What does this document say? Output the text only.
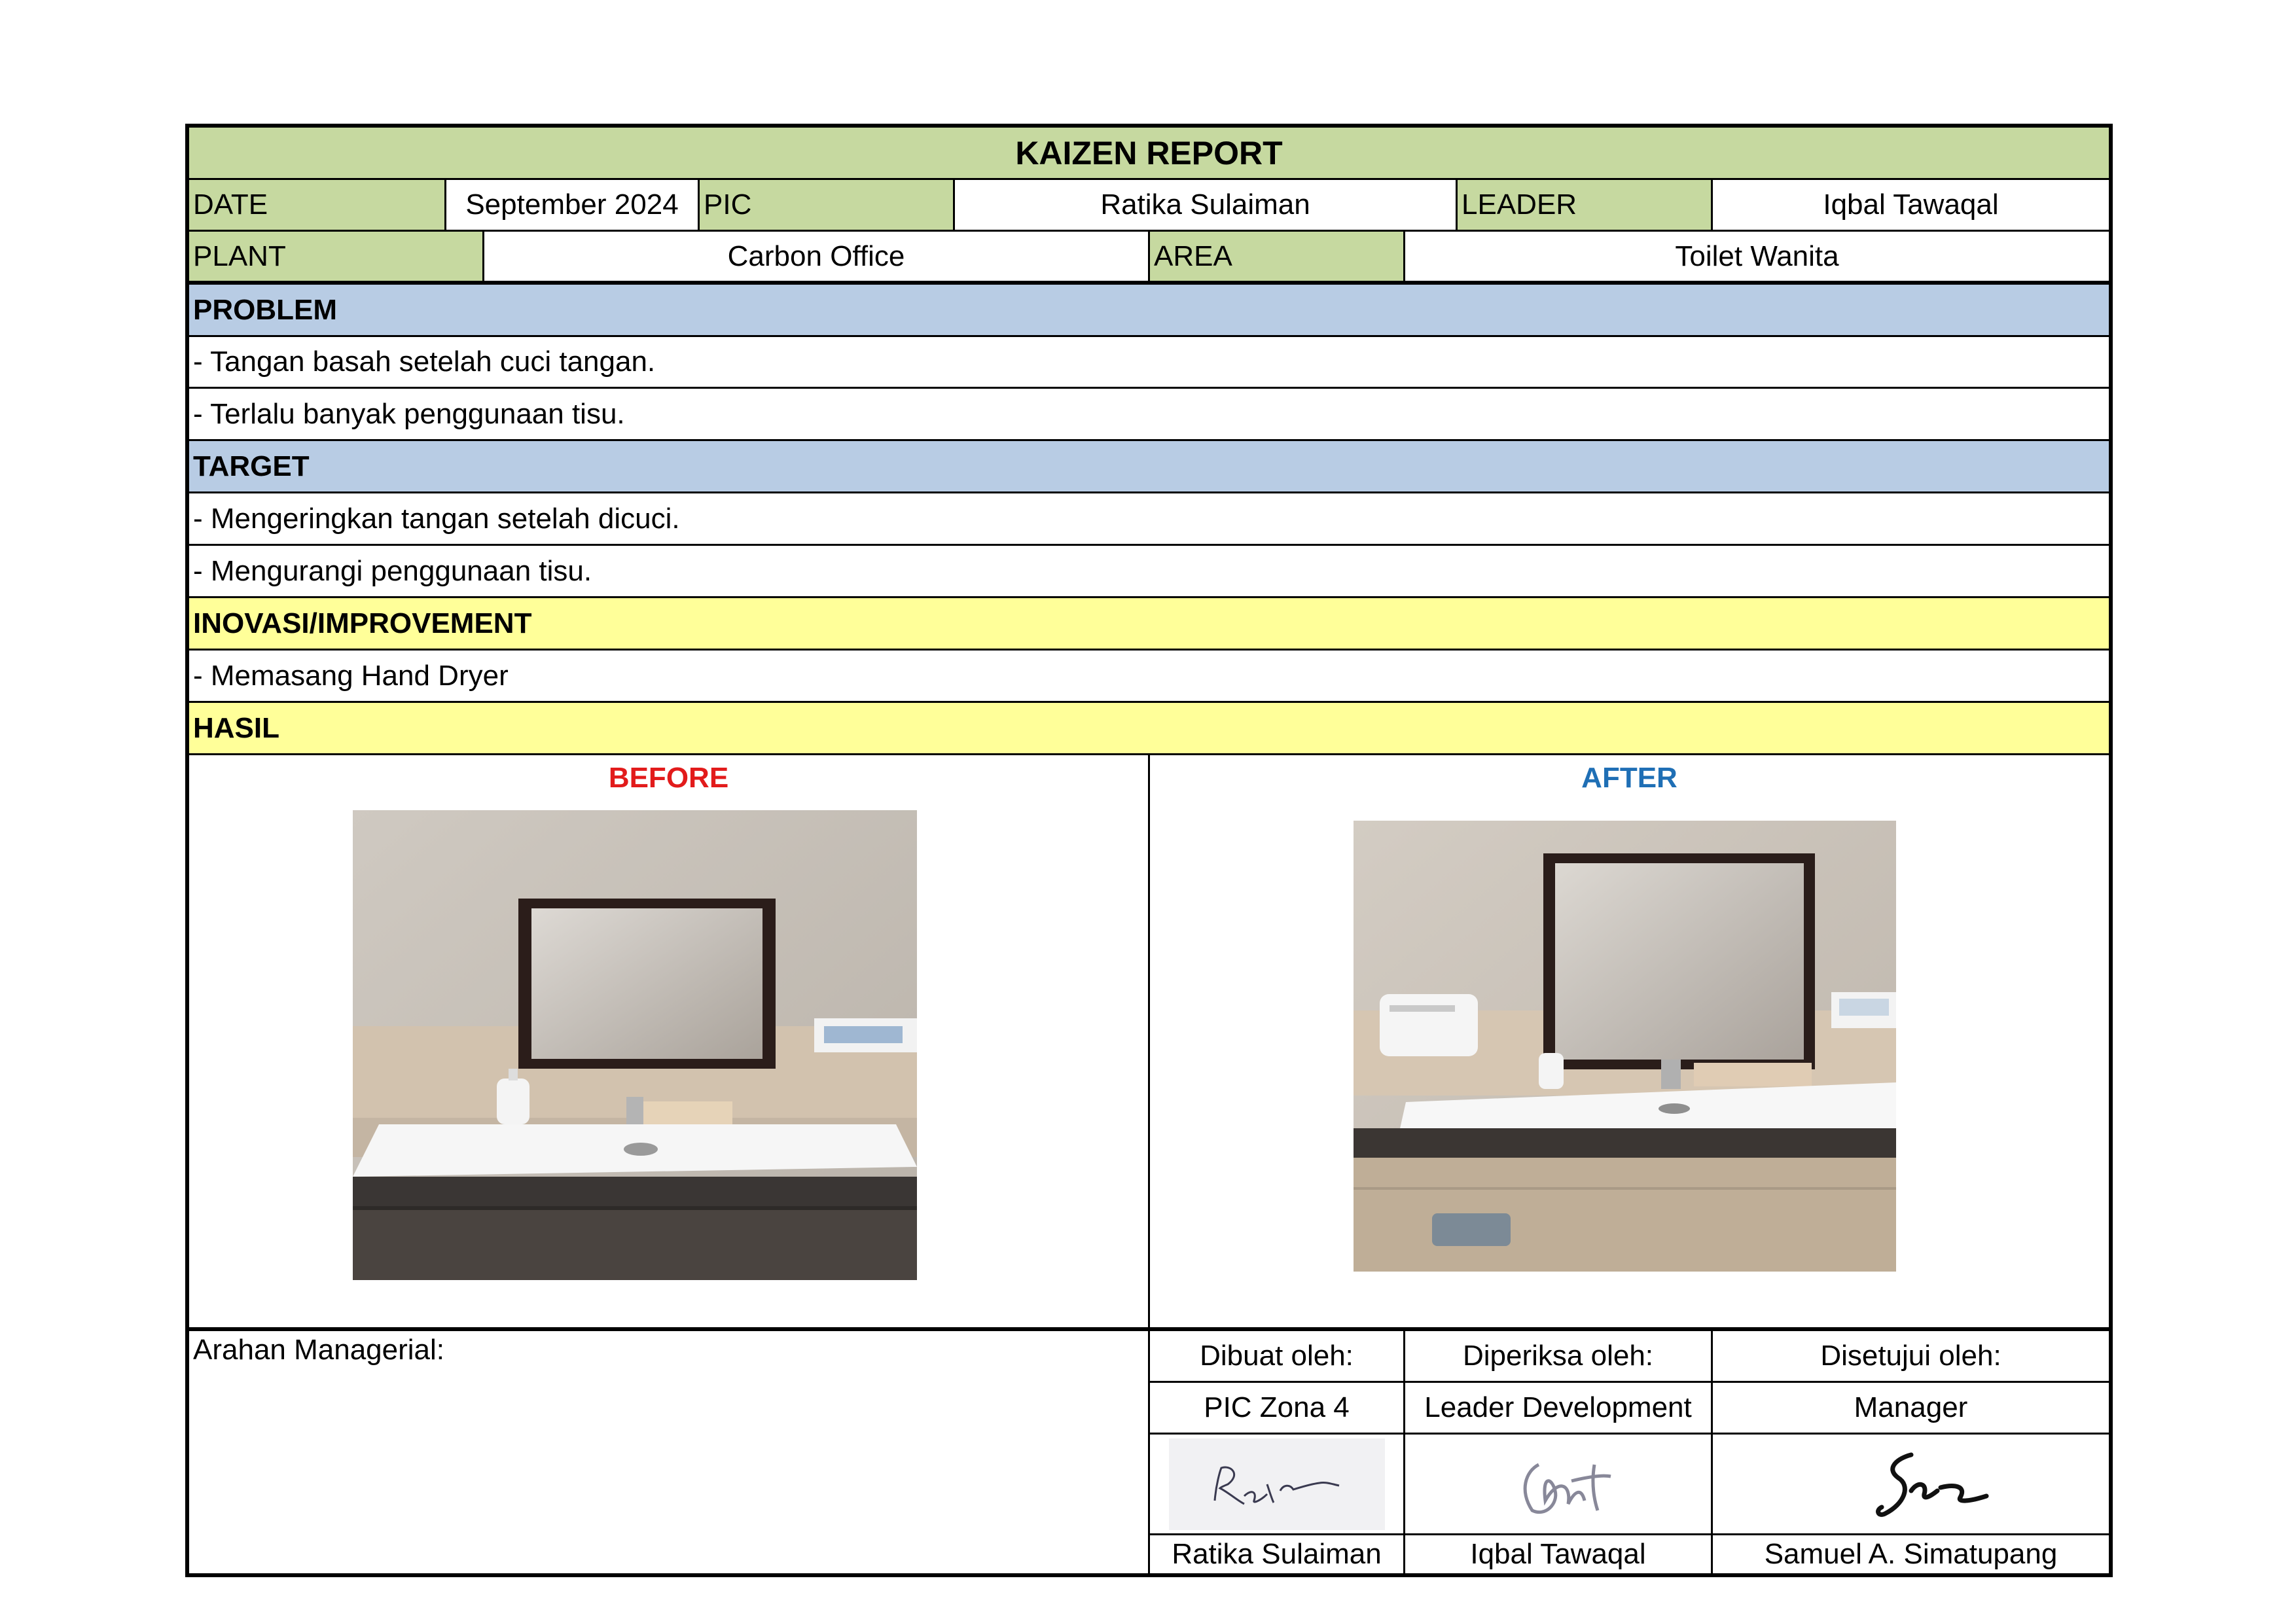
KAIZEN REPORT
DATE	September 2024 PIC	Ratika Sulaiman	LEADER	Iqbal Tawaqal
PLANT	Carbon Office	AREA	Toilet Wanita
PROBLEM
- Tangan basah setelah cuci tangan.
- Terlalu banyak penggunaan tisu.
TARGET
- Mengeringkan tangan setelah dicuci.
- Mengurangi penggunaan tisu.
INOVASI/IMPROVEMENT
- Memasang Hand Dryer
HASIL
BEFORE	AFTER
Arahan Managerial:	Dibuat oleh:	Diperiksa oleh:	Disetujui oleh:
PIC Zona 4	Leader Development	Manager
Ratika Sulaiman	Iqbal Tawaqal	Samuel A. Simatupang
